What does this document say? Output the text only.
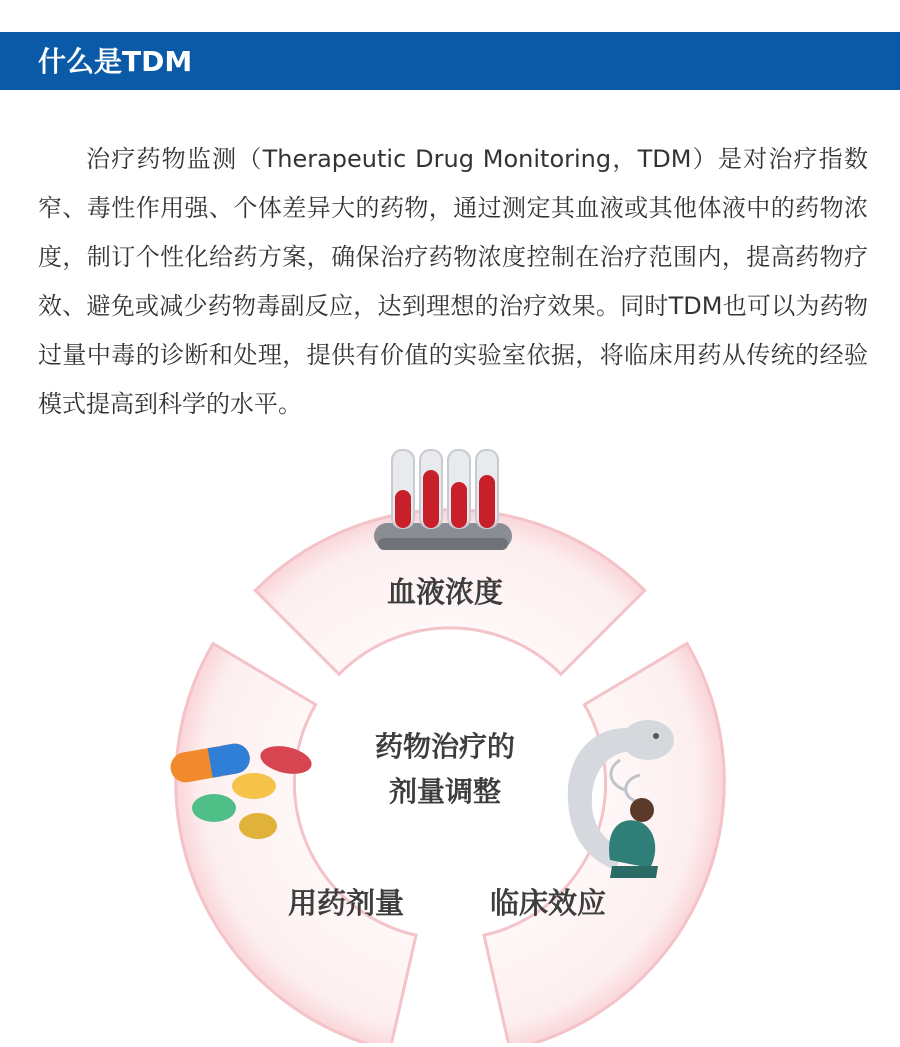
什么是TDM

治疗药物监测（Therapeutic Drug Monitoring，TDM）是对治疗指数窄、毒性作用强、个体差异大的药物，通过测定其血液或其他体液中的药物浓度，制订个性化给药方案，确保治疗药物浓度控制在治疗范围内，提高药物疗效、避免或减少药物毒副反应，达到理想的治疗效果。同时TDM也可以为药物过量中毒的诊断和处理，提供有价值的实验室依据，将临床用药从传统的经验模式提高到科学的水平。

血液浓度
用药剂量	临床效应
药物治疗的
剂量调整
